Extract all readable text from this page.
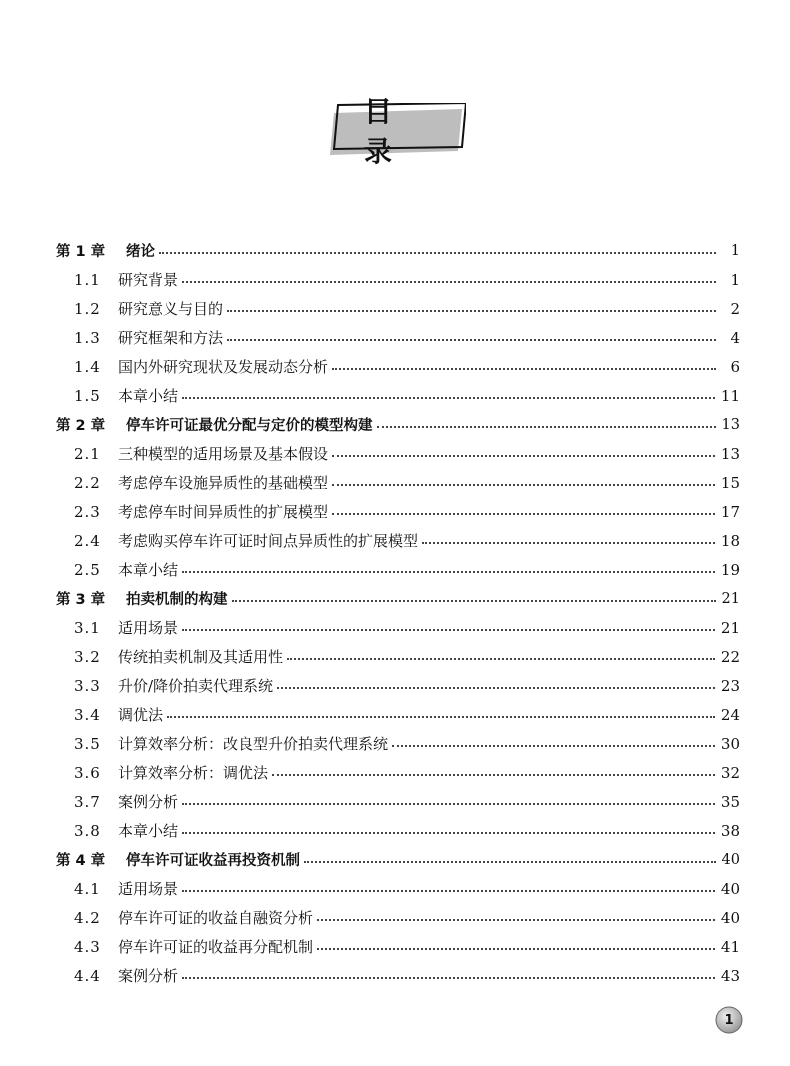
目 录
第 1 章	绪论	1
1.1	研究背景	1
1.2	研究意义与目的	2
1.3	研究框架和方法	4
1.4	国内外研究现状及发展动态分析	6
1.5	本章小结	11
第 2 章	停车许可证最优分配与定价的模型构建	13
2.1	三种模型的适用场景及基本假设	13
2.2	考虑停车设施异质性的基础模型	15
2.3	考虑停车时间异质性的扩展模型	17
2.4	考虑购买停车许可证时间点异质性的扩展模型	18
2.5	本章小结	19
第 3 章	拍卖机制的构建	21
3.1	适用场景	21
3.2	传统拍卖机制及其适用性	22
3.3	升价/降价拍卖代理系统	23
3.4	调优法	24
3.5	计算效率分析：改良型升价拍卖代理系统	30
3.6	计算效率分析：调优法	32
3.7	案例分析	35
3.8	本章小结	38
第 4 章	停车许可证收益再投资机制	40
4.1	适用场景	40
4.2	停车许可证的收益自融资分析	40
4.3	停车许可证的收益再分配机制	41
4.4	案例分析	43
1
